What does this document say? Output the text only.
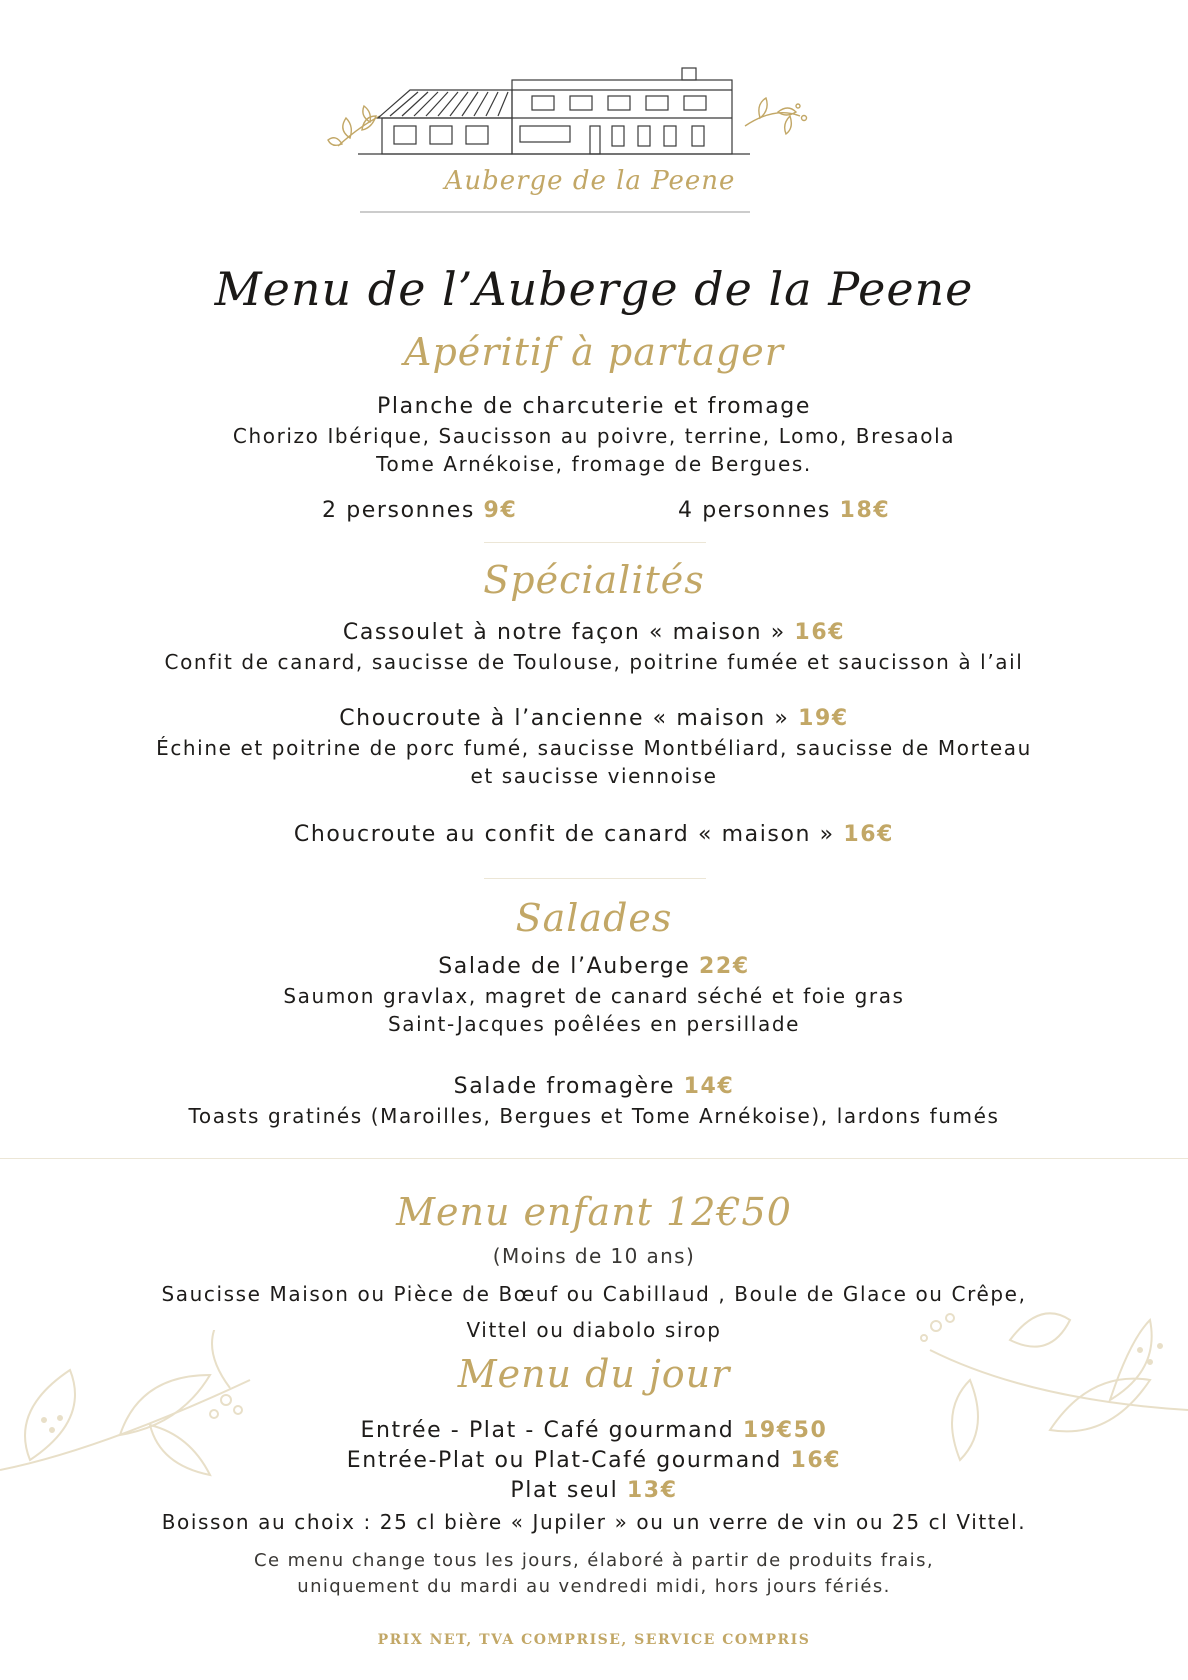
Auberge de la Peene
Menu de l’Auberge de la Peene
Apéritif à partager
Planche de charcuterie et fromage
Chorizo Ibérique, Saucisson au poivre, terrine, Lomo, Bresaola
Tome Arnékoise, fromage de Bergues.
2 personnes 9€	4 personnes 18€
Spécialités
Cassoulet à notre façon « maison » 16€
Confit de canard, saucisse de Toulouse, poitrine fumée et saucisson à l’ail
Choucroute à l’ancienne « maison » 19€
Échine et poitrine de porc fumé, saucisse Montbéliard, saucisse de Morteau
et saucisse viennoise
Choucroute au confit de canard « maison » 16€
Salades
Salade de l’Auberge 22€
Saumon gravlax, magret de canard séché et foie gras
Saint-Jacques poêlées en persillade
Salade fromagère 14€
Toasts gratinés (Maroilles, Bergues et Tome Arnékoise), lardons fumés
Menu enfant 12€50
(Moins de 10 ans)
Saucisse Maison ou Pièce de Bœuf ou Cabillaud , Boule de Glace ou Crêpe,
Vittel ou diabolo sirop
Menu du jour
Entrée - Plat - Café gourmand 19€50
Entrée-Plat ou Plat-Café gourmand 16€
Plat seul 13€
Boisson au choix : 25 cl bière « Jupiler » ou un verre de vin ou 25 cl Vittel.
Ce menu change tous les jours, élaboré à partir de produits frais,
uniquement du mardi au vendredi midi, hors jours fériés.
PRIX NET, TVA COMPRISE, SERVICE COMPRIS
